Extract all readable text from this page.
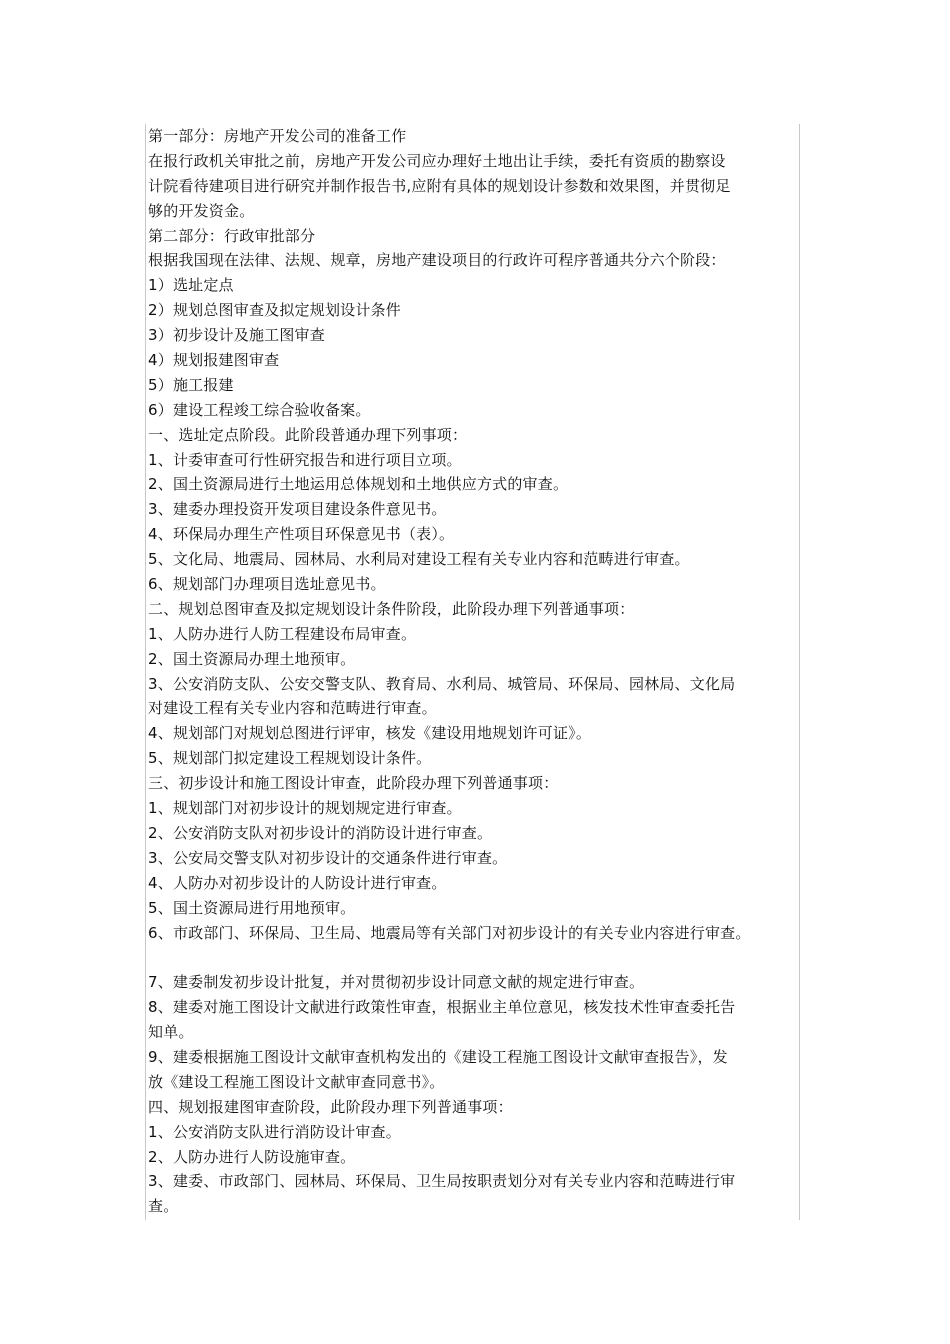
第一部分：房地产开发公司的准备工作
在报行政机关审批之前，房地产开发公司应办理好土地出让手续，委托有资质的勘察设
计院看待建项目进行研究并制作报告书,应附有具体的规划设计参数和效果图，并贯彻足
够的开发资金。
第二部分：行政审批部分
根据我国现在法律、法规、规章，房地产建设项目的行政许可程序普通共分六个阶段：
1）选址定点
2）规划总图审查及拟定规划设计条件
3）初步设计及施工图审查
4）规划报建图审查
5）施工报建
6）建设工程竣工综合验收备案。
一、选址定点阶段。此阶段普通办理下列事项：
1、计委审查可行性研究报告和进行项目立项。
2、国土资源局进行土地运用总体规划和土地供应方式的审查。
3、建委办理投资开发项目建设条件意见书。
4、环保局办理生产性项目环保意见书（表）。
5、文化局、地震局、园林局、水利局对建设工程有关专业内容和范畴进行审查。
6、规划部门办理项目选址意见书。
二、规划总图审查及拟定规划设计条件阶段，此阶段办理下列普通事项：
1、人防办进行人防工程建设布局审查。
2、国土资源局办理土地预审。
3、公安消防支队、公安交警支队、教育局、水利局、城管局、环保局、园林局、文化局
对建设工程有关专业内容和范畴进行审查。
4、规划部门对规划总图进行评审，核发《建设用地规划许可证》。
5、规划部门拟定建设工程规划设计条件。
三、初步设计和施工图设计审查，此阶段办理下列普通事项：
1、规划部门对初步设计的规划规定进行审查。
2、公安消防支队对初步设计的消防设计进行审查。
3、公安局交警支队对初步设计的交通条件进行审查。
4、人防办对初步设计的人防设计进行审查。
5、国土资源局进行用地预审。
6、市政部门、环保局、卫生局、地震局等有关部门对初步设计的有关专业内容进行审查。
7、建委制发初步设计批复，并对贯彻初步设计同意文献的规定进行审查。
8、建委对施工图设计文献进行政策性审查，根据业主单位意见，核发技术性审查委托告
知单。
9、建委根据施工图设计文献审查机构发出的《建设工程施工图设计文献审查报告》，发
放《建设工程施工图设计文献审查同意书》。
四、规划报建图审查阶段，此阶段办理下列普通事项：
1、公安消防支队进行消防设计审查。
2、人防办进行人防设施审查。
3、建委、市政部门、园林局、环保局、卫生局按职责划分对有关专业内容和范畴进行审
查。
